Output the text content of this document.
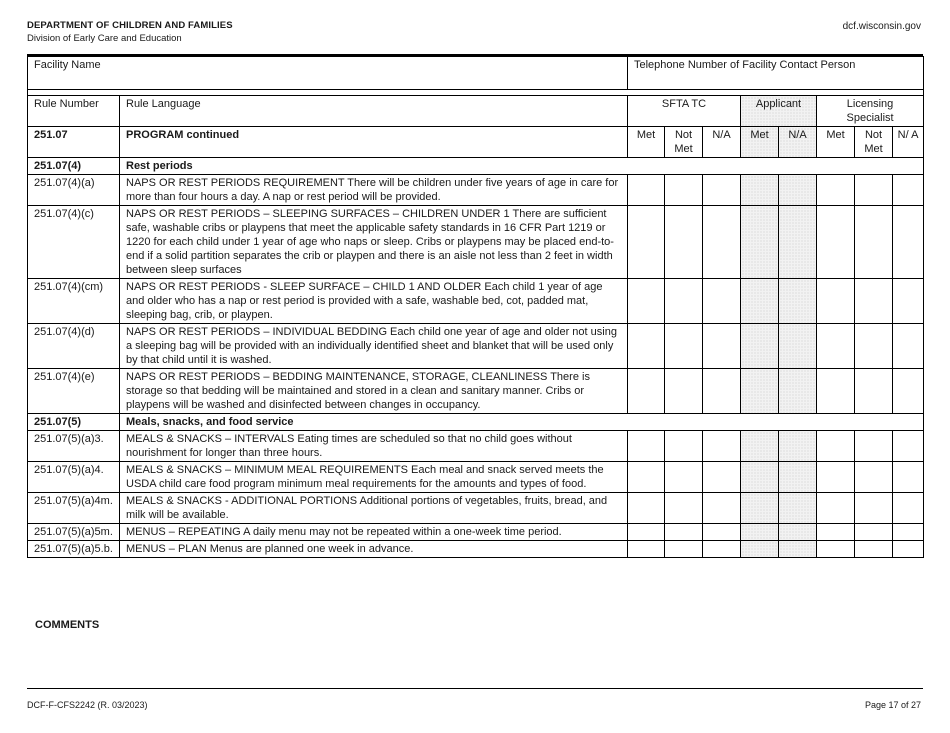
DEPARTMENT OF CHILDREN AND FAMILIES
Division of Early Care and Education
dcf.wisconsin.gov
Facility Name		Telephone Number of Facility Contact Person							

Rule Number	Rule Language	SFTA TC			Applicant		Licensing Specialist		
251.07	PROGRAM continued	Met	Not Met	N/A	Met	N/A	Met	Not Met	N/ A
251.07(4)	Rest periods								
251.07(4)(a)	NAPS OR REST PERIODS REQUIREMENT There will be children under five years of age in care for more than four hours a day. A nap or rest period will be provided.								
251.07(4)(c)	NAPS OR REST PERIODS – SLEEPING SURFACES – CHILDREN UNDER 1 There are sufficient safe, washable cribs or playpens that meet the applicable safety standards in 16 CFR Part 1219 or 1220 for each child under 1 year of age who naps or sleep. Cribs or playpens may be placed end-to-end if a solid partition separates the crib or playpen and there is an aisle not less than 2 feet in width between sleep surfaces								
251.07(4)(cm)	NAPS OR REST PERIODS - SLEEP SURFACE – CHILD 1 AND OLDER Each child 1 year of age and older who has a nap or rest period is provided with a safe, washable bed, cot, padded mat, sleeping bag, crib, or playpen.								
251.07(4)(d)	NAPS OR REST PERIODS – INDIVIDUAL BEDDING Each child one year of age and older not using a sleeping bag will be provided with an individually identified sheet and blanket that will be used only by that child until it is washed.								
251.07(4)(e)	NAPS OR REST PERIODS – BEDDING MAINTENANCE, STORAGE, CLEANLINESS There is storage so that bedding will be maintained and stored in a clean and sanitary manner. Cribs or playpens will be washed and disinfected between changes in occupancy.								
251.07(5)	Meals, snacks, and food service								
251.07(5)(a)3.	MEALS & SNACKS – INTERVALS Eating times are scheduled so that no child goes without nourishment for longer than three hours.								
251.07(5)(a)4.	MEALS & SNACKS – MINIMUM MEAL REQUIREMENTS Each meal and snack served meets the USDA child care food program minimum meal requirements for the amounts and types of food.								
251.07(5)(a)4m.	MEALS & SNACKS - ADDITIONAL PORTIONS Additional portions of vegetables, fruits, bread, and milk will be available.								
251.07(5)(a)5m.	MENUS – REPEATING A daily menu may not be repeated within a one-week time period.								
251.07(5)(a)5.b.	MENUS – PLAN Menus are planned one week in advance.								
COMMENTS
DCF-F-CFS2242 (R. 03/2023)	Page 17 of 27
